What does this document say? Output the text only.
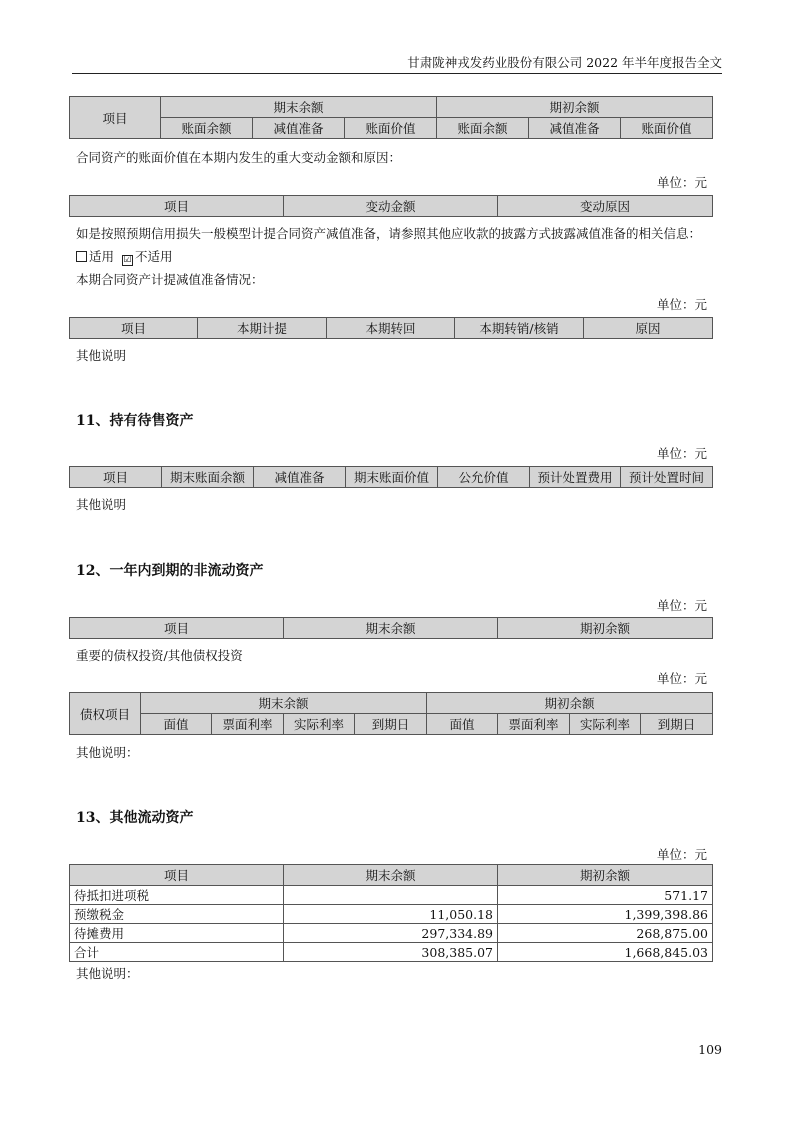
甘肃陇神戎发药业股份有限公司 2022 年半年度报告全文
项目	期末余额			期初余额		
	账面余额	减值准备	账面价值	账面余额	减值准备	账面价值
合同资产的账面价值在本期内发生的重大变动金额和原因：
单位：元
项目	变动金额	变动原因
如是按照预期信用损失一般模型计提合同资产减值准备，请参照其他应收款的披露方式披露减值准备的相关信息：
适用 ☑ 不适用
本期合同资产计提减值准备情况：
单位：元
项目	本期计提	本期转回	本期转销/核销	原因
其他说明
11、持有待售资产
单位：元
项目	期末账面余额	减值准备	期末账面价值	公允价值	预计处置费用	预计处置时间
其他说明
12、一年内到期的非流动资产
单位：元
项目	期末余额	期初余额
重要的债权投资/其他债权投资
单位：元
债权项目	期末余额				期初余额			
	面值	票面利率	实际利率	到期日	面值	票面利率	实际利率	到期日
其他说明：
13、其他流动资产
单位：元
项目	期末余额	期初余额
待抵扣进项税		571.17
预缴税金	11,050.18	1,399,398.86
待摊费用	297,334.89	268,875.00
合计	308,385.07	1,668,845.03
其他说明：
109
